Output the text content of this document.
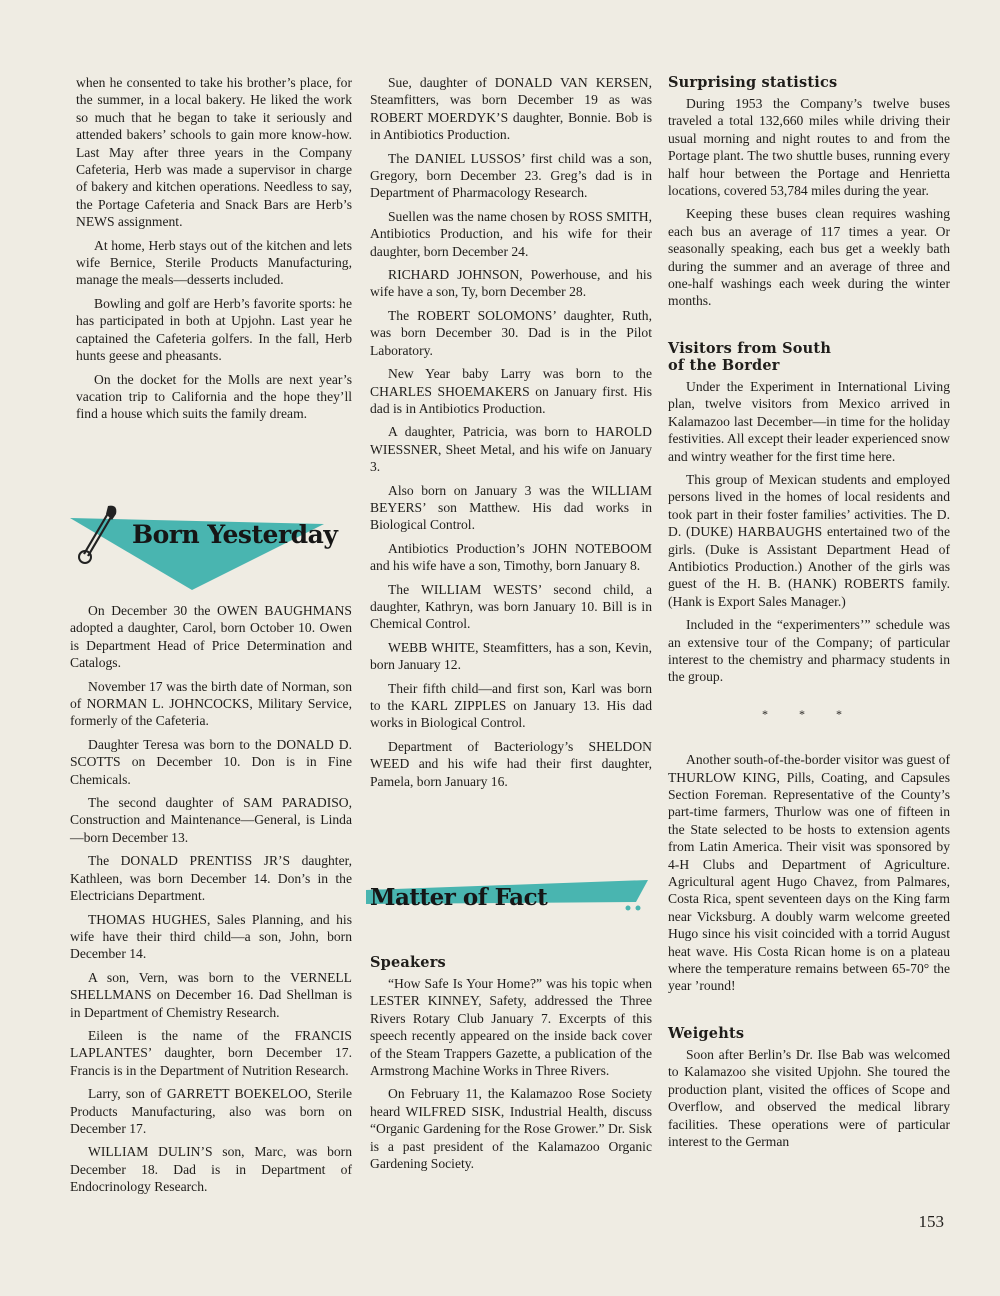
when he consented to take his brother’s place, for the summer, in a local bakery. He liked the work so much that he began to take it seriously and attended bakers’ schools to gain more know-how. Last May after three years in the Company Cafeteria, Herb was made a supervisor in charge of bakery and kitchen operations. Needless to say, the Portage Cafeteria and Snack Bars are Herb’s NEWS assignment.

At home, Herb stays out of the kitchen and lets wife Bernice, Sterile Products Manufacturing, manage the meals—desserts included.

Bowling and golf are Herb’s favorite sports: he has participated in both at Upjohn. Last year he captained the Cafeteria golfers. In the fall, Herb hunts geese and pheasants.

On the docket for the Molls are next year’s vacation trip to California and the hope they’ll find a house which suits the family dream.

Born Yesterday

On December 30 the OWEN BAUGHMANS adopted a daughter, Carol, born October 10. Owen is Department Head of Price Determination and Catalogs.

November 17 was the birth date of Norman, son of NORMAN L. JOHNCOCKS, Military Service, formerly of the Cafeteria.

Daughter Teresa was born to the DONALD D. SCOTTS on December 10. Don is in Fine Chemicals.

The second daughter of SAM PARADISO, Construction and Maintenance—General, is Linda—born December 13.

The DONALD PRENTISS JR’S daughter, Kathleen, was born December 14. Don’s in the Electricians Department.

THOMAS HUGHES, Sales Planning, and his wife have their third child—a son, John, born December 14.

A son, Vern, was born to the VERNELL SHELLMANS on December 16. Dad Shellman is in Department of Chemistry Research.

Eileen is the name of the FRANCIS LAPLANTES’ daughter, born December 17. Francis is in the Department of Nutrition Research.

Larry, son of GARRETT BOEKELOO, Sterile Products Manufacturing, also was born on December 17.

WILLIAM DULIN’S son, Marc, was born December 18. Dad is in Department of Endocrinology Research.

Sue, daughter of DONALD VAN KERSEN, Steamfitters, was born December 19 as was ROBERT MOERDYK’S daughter, Bonnie. Bob is in Antibiotics Production.

The DANIEL LUSSOS’ first child was a son, Gregory, born December 23. Greg’s dad is in Department of Pharmacology Research.

Suellen was the name chosen by ROSS SMITH, Antibiotics Production, and his wife for their daughter, born December 24.

RICHARD JOHNSON, Powerhouse, and his wife have a son, Ty, born December 28.

The ROBERT SOLOMONS’ daughter, Ruth, was born December 30. Dad is in the Pilot Laboratory.

New Year baby Larry was born to the CHARLES SHOEMAKERS on January first. His dad is in Antibiotics Production.

A daughter, Patricia, was born to HAROLD WIESSNER, Sheet Metal, and his wife on January 3.

Also born on January 3 was the WILLIAM BEYERS’ son Matthew. His dad works in Biological Control.

Antibiotics Production’s JOHN NOTEBOOM and his wife have a son, Timothy, born January 8.

The WILLIAM WESTS’ second child, a daughter, Kathryn, was born January 10. Bill is in Chemical Control.

WEBB WHITE, Steamfitters, has a son, Kevin, born January 12.

Their fifth child—and first son, Karl was born to the KARL ZIPPLES on January 13. His dad works in Biological Control.

Department of Bacteriology’s SHELDON WEED and his wife had their first daughter, Pamela, born January 16.

Matter of Fact
Speakers

“How Safe Is Your Home?” was his topic when LESTER KINNEY, Safety, addressed the Three Rivers Rotary Club January 7. Excerpts of this speech recently appeared on the inside back cover of the Steam Trappers Gazette, a publication of the Armstrong Machine Works in Three Rivers.

On February 11, the Kalamazoo Rose Society heard WILFRED SISK, Industrial Health, discuss “Organic Gardening for the Rose Grower.” Dr. Sisk is a past president of the Kalamazoo Organic Gardening Society.

Surprising statistics

During 1953 the Company’s twelve buses traveled a total 132,660 miles while driving their usual morning and night routes to and from the Portage plant. The two shuttle buses, running every half hour between the Portage and Henrietta locations, covered 53,784 miles during the year.

Keeping these buses clean requires washing each bus an average of 117 times a year. Or seasonally speaking, each bus get a weekly bath during the summer and an average of three and one-half washings each week during the winter months.

Visitors from South
of the Border

Under the Experiment in International Living plan, twelve visitors from Mexico arrived in Kalamazoo last December—in time for the holiday festivities. All except their leader experienced snow and wintry weather for the first time here.

This group of Mexican students and employed persons lived in the homes of local residents and took part in their foster families’ activities. The D. D. (DUKE) HARBAUGHS entertained two of the girls. (Duke is Assistant Department Head of Antibiotics Production.) Another of the girls was guest of the H. B. (HANK) ROBERTS family. (Hank is Export Sales Manager.)

Included in the “experimenters’” schedule was an extensive tour of the Company; of particular interest to the chemistry and pharmacy students in the group.

* * *

Another south-of-the-border visitor was guest of THURLOW KING, Pills, Coating, and Capsules Section Foreman. Representative of the County’s part-time farmers, Thurlow was one of fifteen in the State selected to be hosts to extension agents from Latin America. Their visit was sponsored by 4-H Clubs and Department of Agriculture. Agricultural agent Hugo Chavez, from Palmares, Costa Rica, spent seventeen days on the King farm near Vicksburg. A doubly warm welcome greeted Hugo since his visit coincided with a torrid August heat wave. His Costa Rican home is on a plateau where the temperature remains between 65-70° the year ’round!

Weigehts

Soon after Berlin’s Dr. Ilse Bab was welcomed to Kalamazoo she visited Upjohn. She toured the production plant, visited the offices of Scope and Overflow, and observed the medical library facilities. These operations were of particular interest to the German

153
